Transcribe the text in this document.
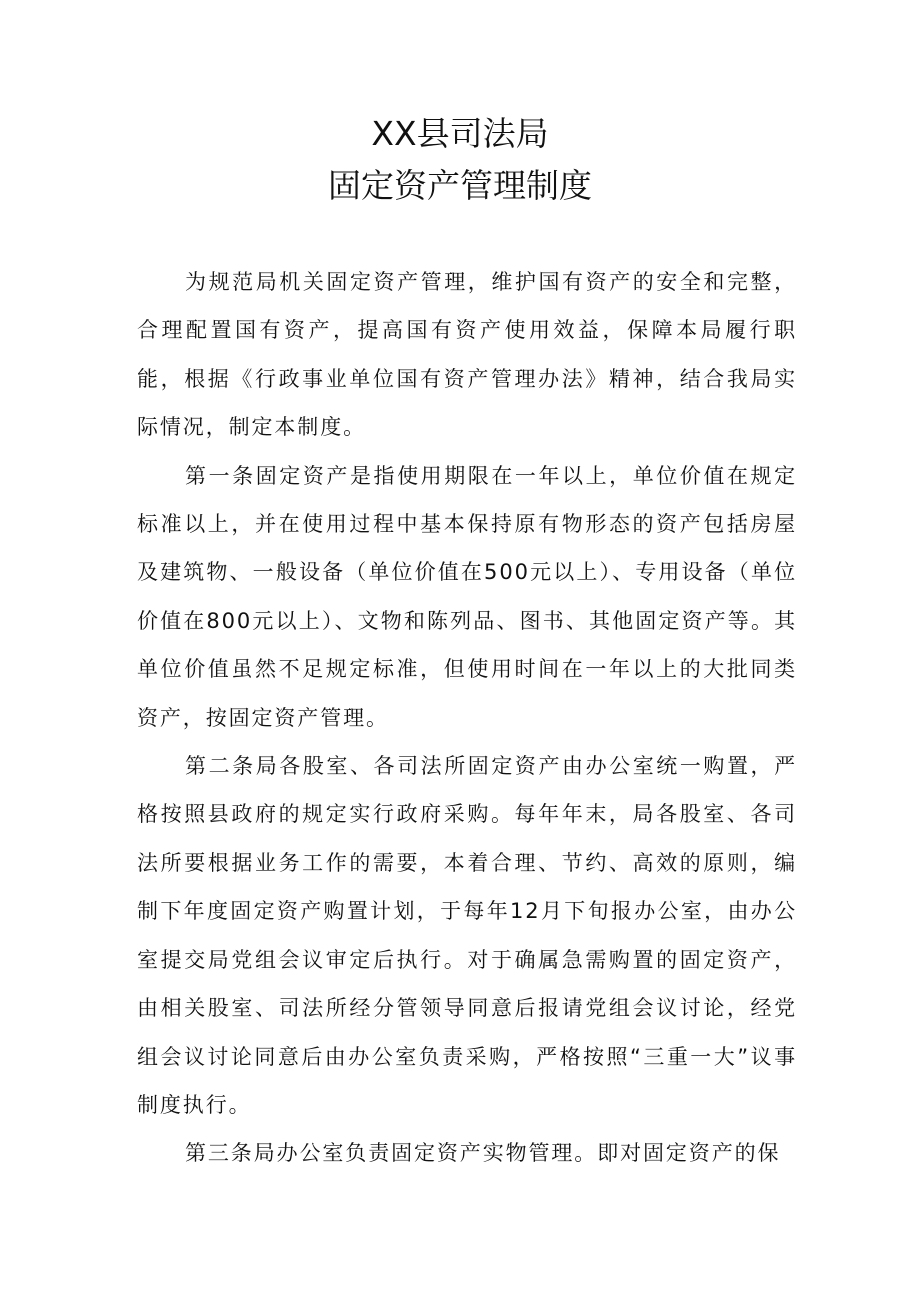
XX县司法局
固定资产管理制度

为规范局机关固定资产管理，维护国有资产的安全和完整，合理配置国有资产，提高国有资产使用效益，保障本局履行职能，根据《行政事业单位国有资产管理办法》精神，结合我局实际情况，制定本制度。

第一条固定资产是指使用期限在一年以上，单位价值在规定标准以上，并在使用过程中基本保持原有物形态的资产包括房屋及建筑物、一般设备（单位价值在500元以上）、专用设备（单位价值在800元以上）、文物和陈列品、图书、其他固定资产等。其单位价值虽然不足规定标准，但使用时间在一年以上的大批同类资产，按固定资产管理。

第二条局各股室、各司法所固定资产由办公室统一购置，严格按照县政府的规定实行政府采购。每年年末，局各股室、各司法所要根据业务工作的需要，本着合理、节约、高效的原则，编制下年度固定资产购置计划，于每年12月下旬报办公室，由办公室提交局党组会议审定后执行。对于确属急需购置的固定资产，由相关股室、司法所经分管领导同意后报请党组会议讨论，经党组会议讨论同意后由办公室负责采购，严格按照“三重一大”议事制度执行。

第三条局办公室负责固定资产实物管理。即对固定资产的保
